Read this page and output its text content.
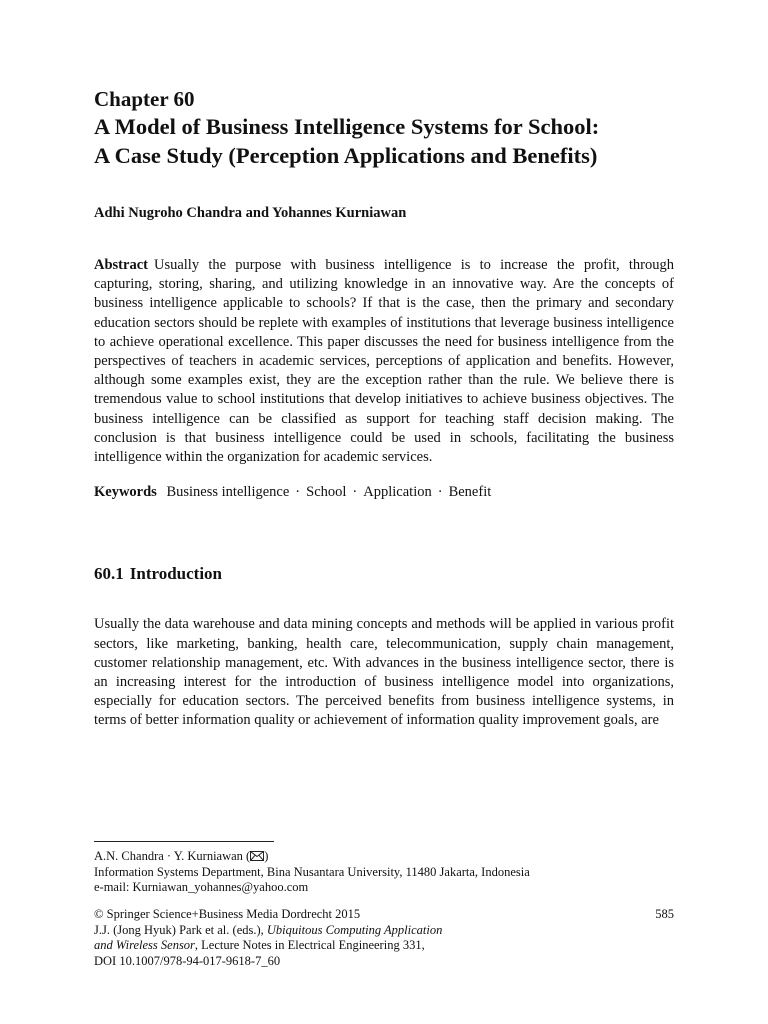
Chapter 60
A Model of Business Intelligence Systems for School: A Case Study (Perception Applications and Benefits)
Adhi Nugroho Chandra and Yohannes Kurniawan
Abstract Usually the purpose with business intelligence is to increase the profit, through capturing, storing, sharing, and utilizing knowledge in an innovative way. Are the concepts of business intelligence applicable to schools? If that is the case, then the primary and secondary education sectors should be replete with examples of institutions that leverage business intelligence to achieve operational excellence. This paper discusses the need for business intelligence from the perspectives of teachers in academic services, perceptions of application and benefits. However, although some examples exist, they are the exception rather than the rule. We believe there is tremendous value to school institutions that develop initiatives to achieve business objectives. The business intelligence can be classified as support for teaching staff decision making. The conclusion is that business intelligence could be used in schools, facilitating the business intelligence within the organization for academic services.
Keywords Business intelligence · School · Application · Benefit
60.1 Introduction
Usually the data warehouse and data mining concepts and methods will be applied in various profit sectors, like marketing, banking, health care, telecommunication, supply chain management, customer relationship management, etc. With advances in the business intelligence sector, there is an increasing interest for the introduction of business intelligence model into organizations, especially for education sectors. The perceived benefits from business intelligence systems, in terms of better information quality or achievement of information quality improvement goals, are
A.N. Chandra · Y. Kurniawan ( )
Information Systems Department, Bina Nusantara University, 11480 Jakarta, Indonesia
e-mail: Kurniawan_yohannes@yahoo.com
© Springer Science+Business Media Dordrecht 2015	585
J.J. (Jong Hyuk) Park et al. (eds.), Ubiquitous Computing Application
and Wireless Sensor, Lecture Notes in Electrical Engineering 331,
DOI 10.1007/978-94-017-9618-7_60
